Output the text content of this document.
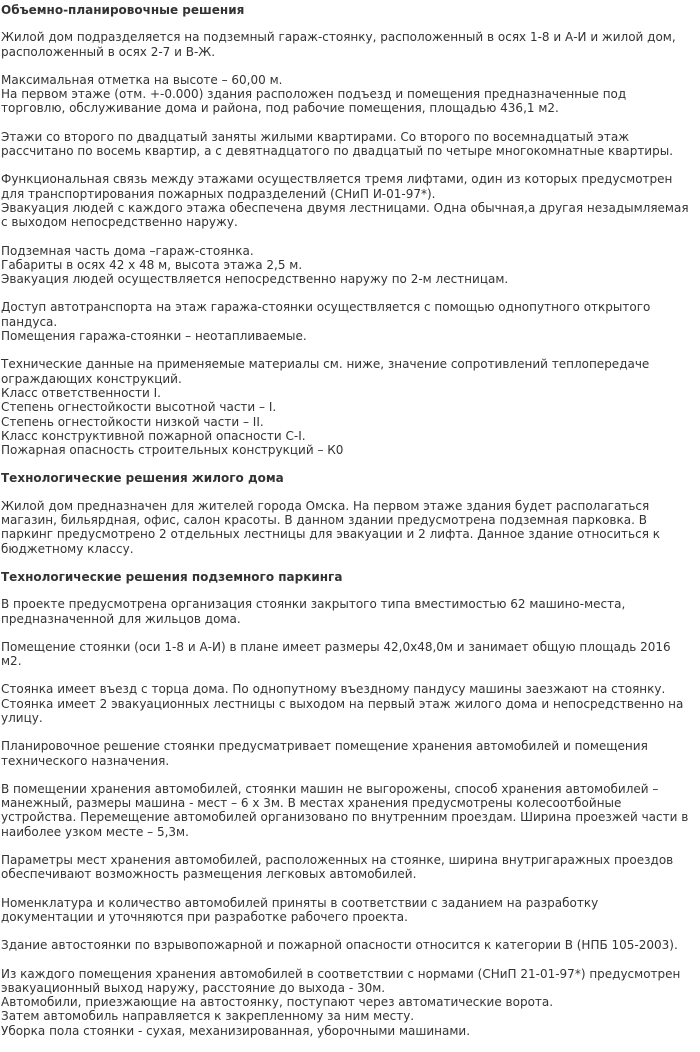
Объемно-планировочные решения
Жилой дом подразделяется на подземный гараж-стоянку, расположенный в осях 1-8 и А-И и жилой дом, расположенный в осях 2-7 и В-Ж.
Максимальная отметка на высоте – 60,00 м.
На первом этаже (отм. +-0.000) здания расположен подъезд и помещения предназначенные под торговлю, обслуживание дома и района, под рабочие помещения, площадью 436,1 м2.
Этажи со второго по двадцатый заняты жилыми квартирами. Со второго по восемнадцатый этаж рассчитано по восемь квартир, а с девятнадцатого по двадцатый по четыре многокомнатные квартиры.
Функциональная связь между этажами осуществляется тремя лифтами, один из которых предусмотрен для транспортирования пожарных подразделений (СНиП И-01-97*).
Эвакуация людей с каждого этажа обеспечена двумя лестницами. Одна обычная,а другая незадымляемая с выходом непосредственно наружу.
Подземная часть дома –гараж-стоянка.
Габариты в осях 42 х 48 м, высота этажа 2,5 м.
Эвакуация людей осуществляется непосредственно наружу по 2-м лестницам.
Доступ автотранспорта на этаж гаража-стоянки осуществляется с помощью однопутного открытого пандуса.
Помещения гаража-стоянки – неотапливаемые.
Технические данные на применяемые материалы см. ниже, значение сопротивлений теплопередаче ограждающих конструкций.
Класс ответственности I.
Степень огнестойкости высотной части – I.
Степень огнестойкости низкой части – II.
Класс конструктивной пожарной опасности С-I.
Пожарная опасность строительных конструкций – К0
Технологические решения жилого дома
Жилой дом предназначен для жителей города Омска. На первом этаже здания будет располагаться магазин, бильярдная, офис, салон красоты. В данном здании предусмотрена подземная парковка. В паркинг предусмотрено 2 отдельных лестницы для эвакуации и 2 лифта. Данное здание относиться к бюджетному классу.
Технологические решения подземного паркинга
В проекте предусмотрена организация стоянки закрытого типа вместимостью 62 машино-места, предназначенной для жильцов дома.
Помещение стоянки (оси 1-8 и А-И) в плане имеет размеры 42,0х48,0м и занимает общую площадь 2016 м2.
Стоянка имеет въезд с торца дома. По однопутному въездному пандусу машины заезжают на стоянку. Стоянка имеет 2 эвакуационных лестницы с выходом на первый этаж жилого дома и непосредственно на улицу.
Планировочное решение стоянки предусматривает помещение хранения автомобилей и помещения технического назначения.
В помещении хранения автомобилей, стоянки машин не выгорожены, способ хранения автомобилей – манежный, размеры машина - мест – 6 х 3м. В местах хранения предусмотрены колесоотбойные устройства. Перемещение автомобилей организовано по внутренним проездам. Ширина проезжей части в наиболее узком месте – 5,3м.
Параметры мест хранения автомобилей, расположенных на стоянке, ширина внутригаражных проездов обеспечивают возможность размещения легковых автомобилей.
Номенклатура и количество автомобилей приняты в соответствии с заданием на разработку документации и уточняются при разработке рабочего проекта.
Здание автостоянки по взрывопожарной и пожарной опасности относится к категории В (НПБ 105-2003).
Из каждого помещения хранения автомобилей в соответствии с нормами (СНиП 21-01-97*) предусмотрен эвакуационный выход наружу, расстояние до выхода - 30м.
Автомобили, приезжающие на автостоянку, поступают через автоматические ворота.
Затем автомобиль направляется к закрепленному за ним месту.
Уборка пола стоянки - сухая, механизированная, уборочными машинами.
